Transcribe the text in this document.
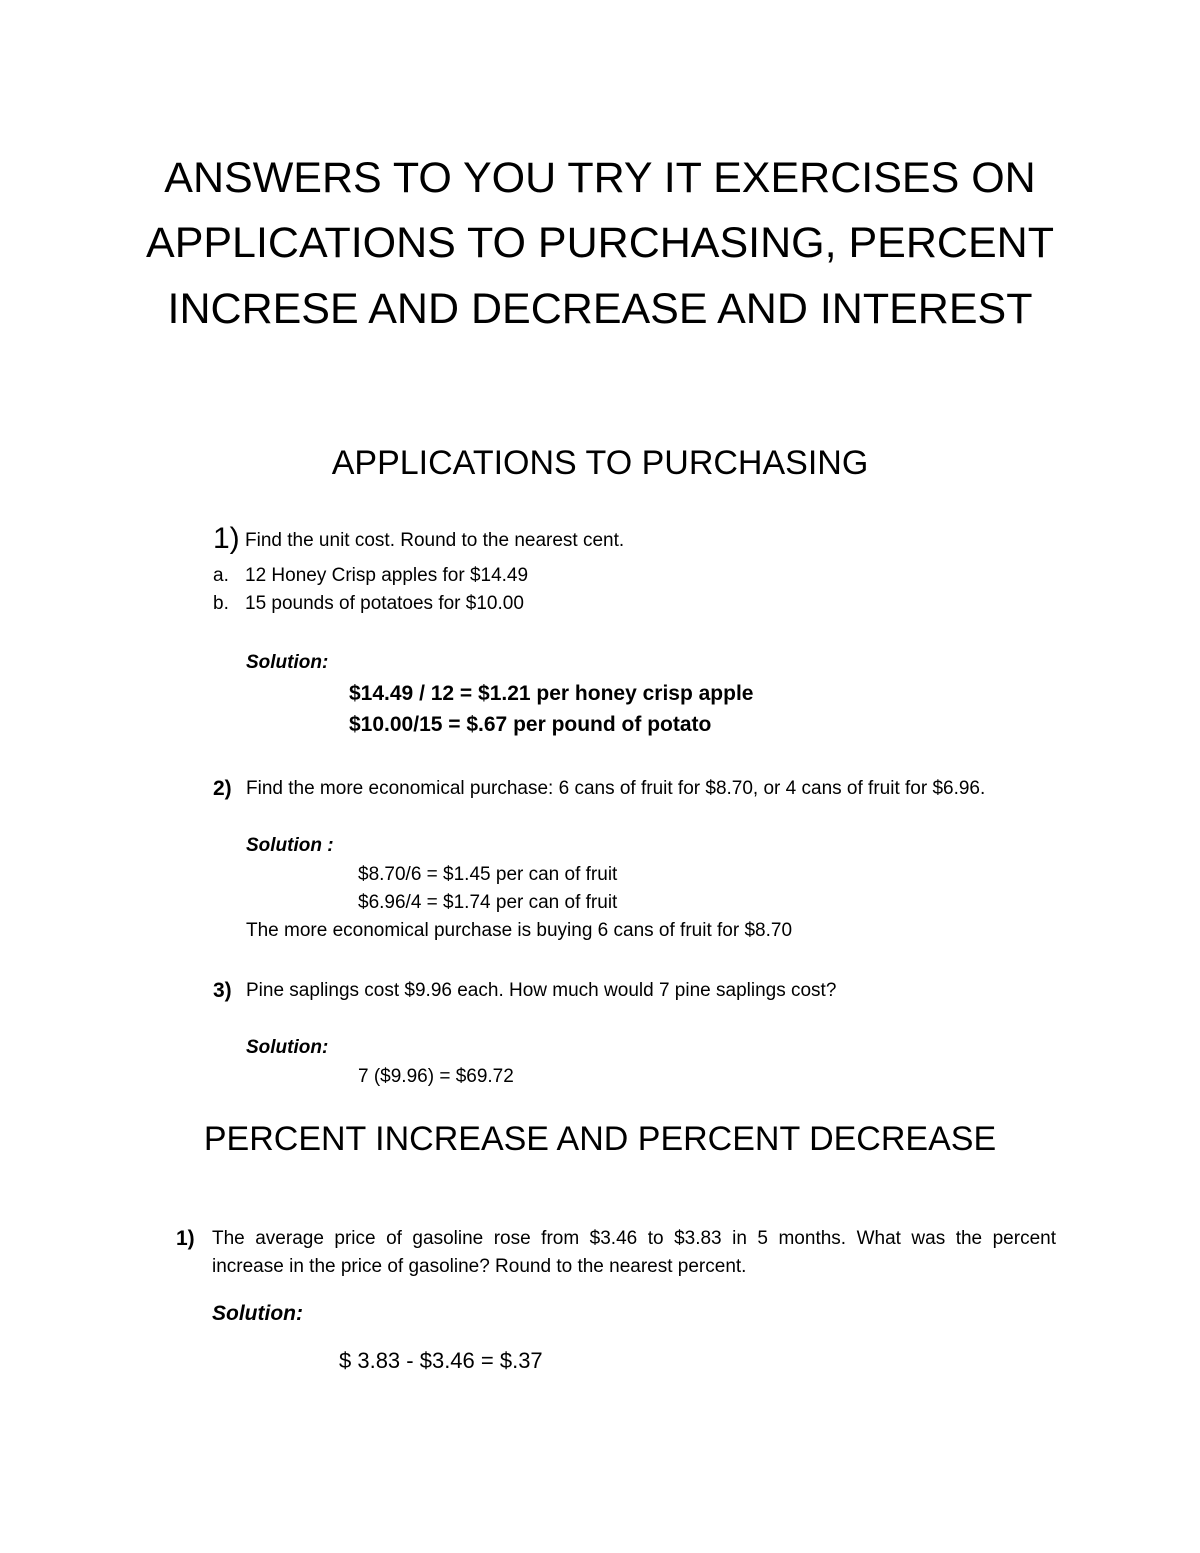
ANSWERS TO YOU TRY IT EXERCISES ON
APPLICATIONS TO PURCHASING, PERCENT
INCRESE AND DECREASE AND INTEREST
APPLICATIONS TO PURCHASING
1) Find the unit cost. Round to the nearest cent.
a. 12 Honey Crisp apples for $14.49
b. 15 pounds of potatoes for $10.00
Solution:
$14.49 / 12 = $1.21 per honey crisp apple
$10.00/15 = $.67 per pound of potato
2) Find the more economical purchase: 6 cans of fruit for $8.70, or 4 cans of fruit for $6.96.
Solution :
$8.70/6 = $1.45 per can of fruit
$6.96/4 = $1.74 per can of fruit
The more economical purchase is buying 6 cans of fruit for $8.70
3) Pine saplings cost $9.96 each. How much would 7 pine saplings cost?
Solution:
7 ($9.96) = $69.72
PERCENT INCREASE AND PERCENT DECREASE
1) The average price of gasoline rose from $3.46 to $3.83 in 5 months. What was the percent
increase in the price of gasoline? Round to the nearest percent.
Solution:
$ 3.83 - $3.46 = $.37
